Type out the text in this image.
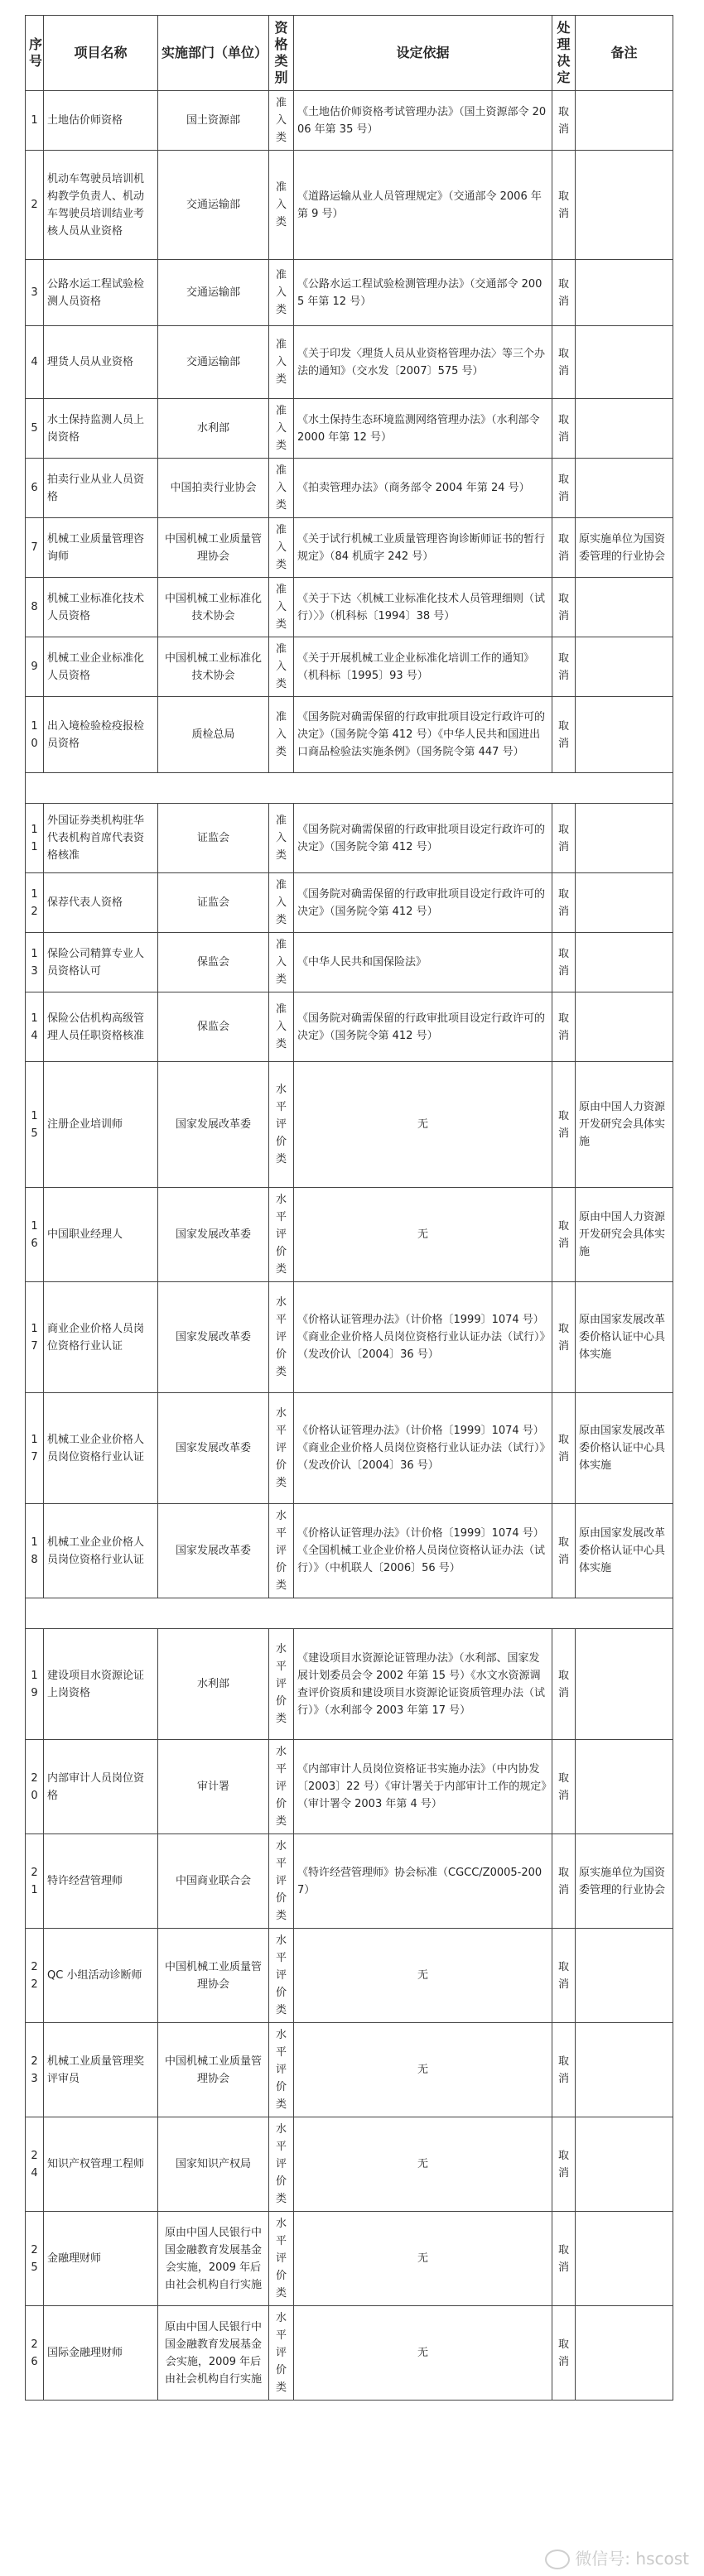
序号	项目名称	实施部门（单位）	资格类别	设定依据	处理决定	备注
1	土地估价师资格	国土资源部	准入类	《土地估价师资格考试管理办法》（国土资源部令 2006 年第 35 号）	取消	
2	机动车驾驶员培训机构教学负责人、机动车驾驶员培训结业考核人员从业资格	交通运输部	准入类	《道路运输从业人员管理规定》（交通部令 2006 年第 9 号）	取消	
3	公路水运工程试验检测人员资格	交通运输部	准入类	《公路水运工程试验检测管理办法》（交通部令 2005 年第 12 号）	取消	
4	理货人员从业资格	交通运输部	准入类	《关于印发〈理货人员从业资格管理办法〉等三个办法的通知》（交水发〔2007〕575 号）	取消	
5	水土保持监测人员上岗资格	水利部	准入类	《水土保持生态环境监测网络管理办法》（水利部令 2000 年第 12 号）	取消	
6	拍卖行业从业人员资格	中国拍卖行业协会	准入类	《拍卖管理办法》（商务部令 2004 年第 24 号）	取消	
7	机械工业质量管理咨询师	中国机械工业质量管理协会	准入类	《关于试行机械工业质量管理咨询诊断师证书的暂行规定》（84 机质字 242 号）	取消	原实施单位为国资委管理的行业协会
8	机械工业标准化技术人员资格	中国机械工业标准化技术协会	准入类	《关于下达〈机械工业标准化技术人员管理细则（试行）〉》（机科标〔1994〕38 号）	取消	
9	机械工业企业标准化人员资格	中国机械工业标准化技术协会	准入类	《关于开展机械工业企业标准化培训工作的通知》（机科标〔1995〕93 号）	取消	
10	出入境检验检疫报检员资格	质检总局	准入类	《国务院对确需保留的行政审批项目设定行政许可的决定》（国务院令第 412 号）《中华人民共和国进出口商品检验法实施条例》（国务院令第 447 号）	取消	

11	外国证券类机构驻华代表机构首席代表资格核准	证监会	准入类	《国务院对确需保留的行政审批项目设定行政许可的决定》（国务院令第 412 号）	取消	
12	保荐代表人资格	证监会	准入类	《国务院对确需保留的行政审批项目设定行政许可的决定》（国务院令第 412 号）	取消	
13	保险公司精算专业人员资格认可	保监会	准入类	《中华人民共和国保险法》	取消	
14	保险公估机构高级管理人员任职资格核准	保监会	准入类	《国务院对确需保留的行政审批项目设定行政许可的决定》（国务院令第 412 号）	取消	
15	注册企业培训师	国家发展改革委	水平评价类	无	取消	原由中国人力资源开发研究会具体实施
16	中国职业经理人	国家发展改革委	水平评价类	无	取消	原由中国人力资源开发研究会具体实施
17	商业企业价格人员岗位资格行业认证	国家发展改革委	水平评价类	《价格认证管理办法》（计价格〔1999〕1074 号）《商业企业价格人员岗位资格行业认证办法（试行）》（发改价认〔2004〕36 号）	取消	原由国家发展改革委价格认证中心具体实施
17	机械工业企业价格人员岗位资格行业认证	国家发展改革委	水平评价类	《价格认证管理办法》（计价格〔1999〕1074 号）《商业企业价格人员岗位资格行业认证办法（试行）》（发改价认〔2004〕36 号）	取消	原由国家发展改革委价格认证中心具体实施
18	机械工业企业价格人员岗位资格行业认证	国家发展改革委	水平评价类	《价格认证管理办法》（计价格〔1999〕1074 号）《全国机械工业企业价格人员岗位资格认证办法（试行）》（中机联人〔2006〕56 号）	取消	原由国家发展改革委价格认证中心具体实施

19	建设项目水资源论证上岗资格	水利部	水平评价类	《建设项目水资源论证管理办法》（水利部、国家发展计划委员会令 2002 年第 15 号）《水文水资源调查评价资质和建设项目水资源论证资质管理办法（试行）》（水利部令 2003 年第 17 号）	取消	
20	内部审计人员岗位资格	审计署	水平评价类	《内部审计人员岗位资格证书实施办法》（中内协发〔2003〕22 号）《审计署关于内部审计工作的规定》（审计署令 2003 年第 4 号）	取消	
21	特许经营管理师	中国商业联合会	水平评价类	《特许经营管理师》协会标准（CGCC/Z0005-2007）	取消	原实施单位为国资委管理的行业协会
22	QC 小组活动诊断师	中国机械工业质量管理协会	水平评价类	无	取消	
23	机械工业质量管理奖评审员	中国机械工业质量管理协会	水平评价类	无	取消	
24	知识产权管理工程师	国家知识产权局	水平评价类	无	取消	
25	金融理财师	原由中国人民银行中国金融教育发展基金会实施，2009 年后由社会机构自行实施	水平评价类	无	取消	
26	国际金融理财师	原由中国人民银行中国金融教育发展基金会实施，2009 年后由社会机构自行实施	水平评价类	无	取消	
微信号: hscost
